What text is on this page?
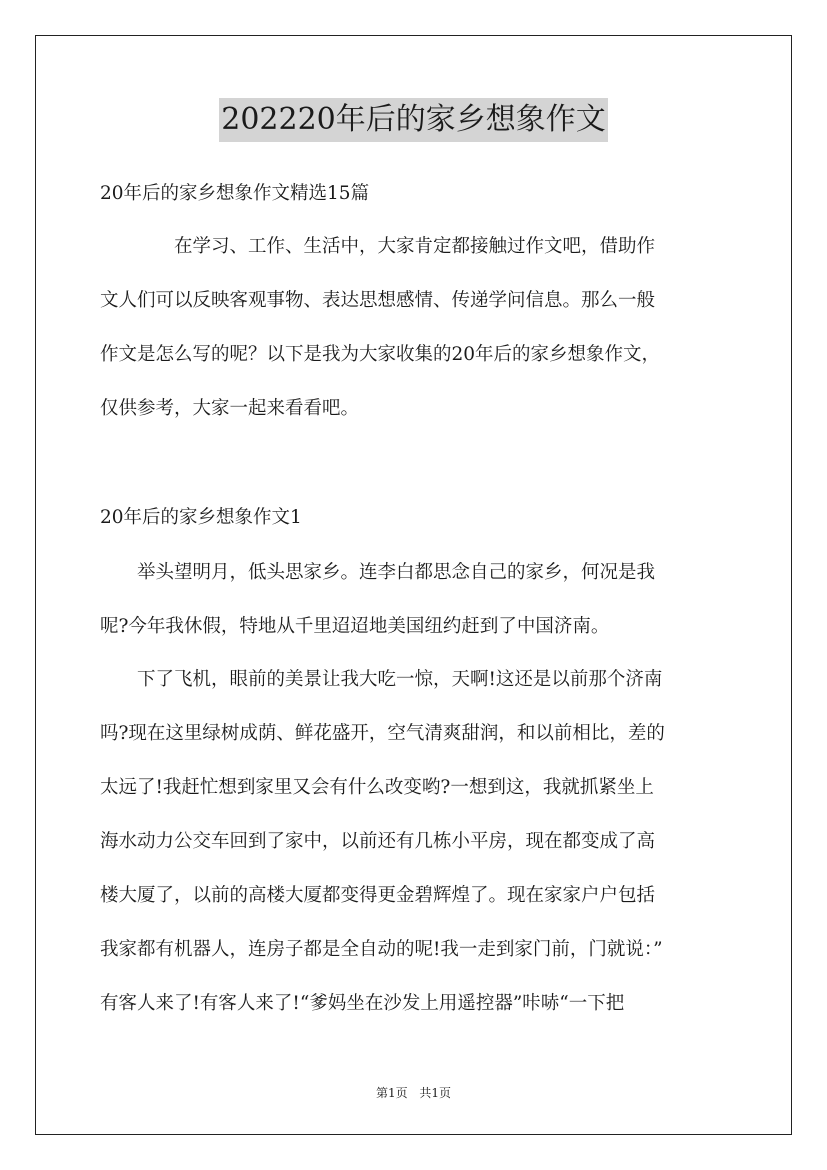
202220年后的家乡想象作文

20年后的家乡想象作文精选15篇

　　　　在学习、工作、生活中，大家肯定都接触过作文吧，借助作
文人们可以反映客观事物、表达思想感情、传递学问信息。那么一般
作文是怎么写的呢？以下是我为大家收集的20年后的家乡想象作文，
仅供参考，大家一起来看看吧。

20年后的家乡想象作文1

　　举头望明月，低头思家乡。连李白都思念自己的家乡，何况是我
呢?今年我休假，特地从千里迢迢地美国纽约赶到了中国济南。

　　下了飞机，眼前的美景让我大吃一惊，天啊!这还是以前那个济南
吗?现在这里绿树成荫、鲜花盛开，空气清爽甜润，和以前相比，差的
太远了!我赶忙想到家里又会有什么改变哟?一想到这，我就抓紧坐上
海水动力公交车回到了家中，以前还有几栋小平房，现在都变成了高
楼大厦了，以前的高楼大厦都变得更金碧辉煌了。现在家家户户包括
我家都有机器人，连房子都是全自动的呢!我一走到家门前，门就说：”
有客人来了!有客人来了!“爹妈坐在沙发上用遥控器”咔哧“一下把

第1页 共1页
